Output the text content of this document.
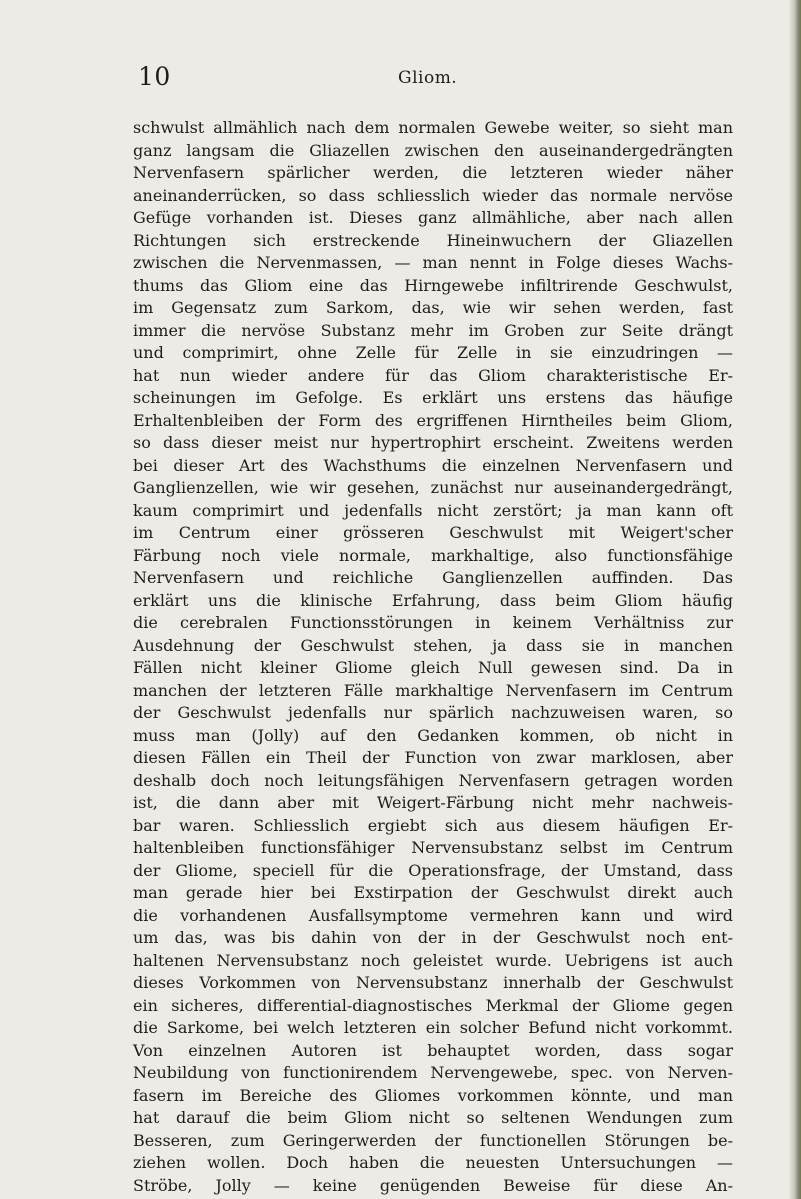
10	Gliom.
schwulst allmählich nach dem normalen Gewebe weiter, so sieht man
ganz langsam die Gliazellen zwischen den auseinandergedrängten
Nervenfasern spärlicher werden, die letzteren wieder näher
aneinanderrücken, so dass schliesslich wieder das normale nervöse
Gefüge vorhanden ist. Dieses ganz allmähliche, aber nach allen
Richtungen sich erstreckende Hineinwuchern der Gliazellen
zwischen die Nervenmassen, — man nennt in Folge dieses Wachs-
thums das Gliom eine das Hirngewebe infiltrirende Geschwulst,
im Gegensatz zum Sarkom, das, wie wir sehen werden, fast
immer die nervöse Substanz mehr im Groben zur Seite drängt
und comprimirt, ohne Zelle für Zelle in sie einzudringen —
hat nun wieder andere für das Gliom charakteristische Er-
scheinungen im Gefolge. Es erklärt uns erstens das häufige
Erhaltenbleiben der Form des ergriffenen Hirntheiles beim Gliom,
so dass dieser meist nur hypertrophirt erscheint. Zweitens werden
bei dieser Art des Wachsthums die einzelnen Nervenfasern und
Ganglienzellen, wie wir gesehen, zunächst nur auseinandergedrängt,
kaum comprimirt und jedenfalls nicht zerstört; ja man kann oft
im Centrum einer grösseren Geschwulst mit Weigert'scher
Färbung noch viele normale, markhaltige, also functionsfähige
Nervenfasern und reichliche Ganglienzellen auffinden. Das
erklärt uns die klinische Erfahrung, dass beim Gliom häufig
die cerebralen Functionsstörungen in keinem Verhältniss zur
Ausdehnung der Geschwulst stehen, ja dass sie in manchen
Fällen nicht kleiner Gliome gleich Null gewesen sind. Da in
manchen der letzteren Fälle markhaltige Nervenfasern im Centrum
der Geschwulst jedenfalls nur spärlich nachzuweisen waren, so
muss man (Jolly) auf den Gedanken kommen, ob nicht in
diesen Fällen ein Theil der Function von zwar marklosen, aber
deshalb doch noch leitungsfähigen Nervenfasern getragen worden
ist, die dann aber mit Weigert-Färbung nicht mehr nachweis-
bar waren. Schliesslich ergiebt sich aus diesem häufigen Er-
haltenbleiben functionsfähiger Nervensubstanz selbst im Centrum
der Gliome, speciell für die Operationsfrage, der Umstand, dass
man gerade hier bei Exstirpation der Geschwulst direkt auch
die vorhandenen Ausfallsymptome vermehren kann und wird
um das, was bis dahin von der in der Geschwulst noch ent-
haltenen Nervensubstanz noch geleistet wurde. Uebrigens ist auch
dieses Vorkommen von Nervensubstanz innerhalb der Geschwulst
ein sicheres, differential-diagnostisches Merkmal der Gliome gegen
die Sarkome, bei welch letzteren ein solcher Befund nicht vorkommt.
Von einzelnen Autoren ist behauptet worden, dass sogar
Neubildung von functionirendem Nervengewebe, spec. von Nerven-
fasern im Bereiche des Gliomes vorkommen könnte, und man
hat darauf die beim Gliom nicht so seltenen Wendungen zum
Besseren, zum Geringerwerden der functionellen Störungen be-
ziehen wollen. Doch haben die neuesten Untersuchungen —
Ströbe, Jolly — keine genügenden Beweise für diese An-
